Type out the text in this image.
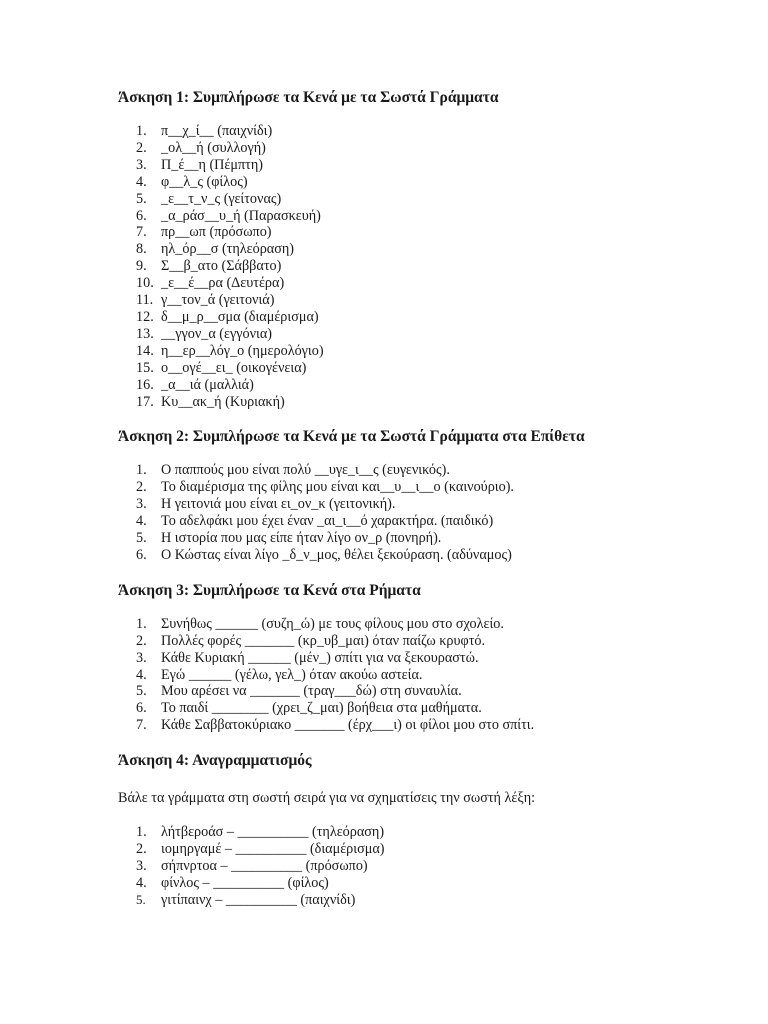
Άσκηση 1: Συμπλήρωσε τα Κενά με τα Σωστά Γράμματα
1.	π__χ_ί__ (παιχνίδι)
2.	_ολ__ή (συλλογή)
3.	Π_έ__η (Πέμπτη)
4.	φ__λ_ς (φίλος)
5.	_ε__τ_ν_ς (γείτονας)
6.	_α_ράσ__υ_ή (Παρασκευή)
7.	πρ__ωπ (πρόσωπο)
8.	ηλ_όρ__σ (τηλεόραση)
9.	Σ__β_ατο (Σάββατο)
10. _ε__έ__ρα (Δευτέρα)
11. γ__τον_ά (γειτονιά)
12. δ__μ_ρ__σμα (διαμέρισμα)
13. __γγον_α (εγγόνια)
14. η__ερ__λόγ_ο (ημερολόγιο)
15. ο__ογέ__ει_ (οικογένεια)
16. _α__ιά (μαλλιά)
17. Κυ__ακ_ή (Κυριακή)
Άσκηση 2: Συμπλήρωσε τα Κενά με τα Σωστά Γράμματα στα Επίθετα
1.	Ο παππούς μου είναι πολύ __υγε_ι__ς (ευγενικός).
2.	Το διαμέρισμα της φίλης μου είναι και__υ__ι__ο (καινούριο).
3.	Η γειτονιά μου είναι ει_ον_κ (γειτονική).
4.	Το αδελφάκι μου έχει έναν _αι_ι__ό χαρακτήρα. (παιδικό)
5.	Η ιστορία που μας είπε ήταν λίγο ον_ρ (πονηρή).
6.	Ο Κώστας είναι λίγο _δ_ν_μος, θέλει ξεκούραση. (αδύναμος)
Άσκηση 3: Συμπλήρωσε τα Κενά στα Ρήματα
1.	Συνήθως ______ (συζη_ώ) με τους φίλους μου στο σχολείο.
2.	Πολλές φορές _______ (κρ_υβ_μαι) όταν παίζω κρυφτό.
3.	Κάθε Κυριακή ______ (μέν_) σπίτι για να ξεκουραστώ.
4.	Εγώ ______ (γέλω, γελ_) όταν ακούω αστεία.
5.	Μου αρέσει να _______ (τραγ___δώ) στη συναυλία.
6.	Το παιδί ________ (χρει_ζ_μαι) βοήθεια στα μαθήματα.
7.	Κάθε Σαββατοκύριακο _______ (έρχ___ι) οι φίλοι μου στο σπίτι.
Άσκηση 4: Αναγραμματισμός

Βάλε τα γράμματα στη σωστή σειρά για να σχηματίσεις την σωστή λέξη:

1.	λήτβεροάσ – __________ (τηλεόραση)
2.	ιομηργαμέ – __________ (διαμέρισμα)
3.	σήπνρτοα – __________ (πρόσωπο)
4.	φίνλος – __________ (φίλος)
5.	γιτίπαινχ – __________ (παιχνίδι)
